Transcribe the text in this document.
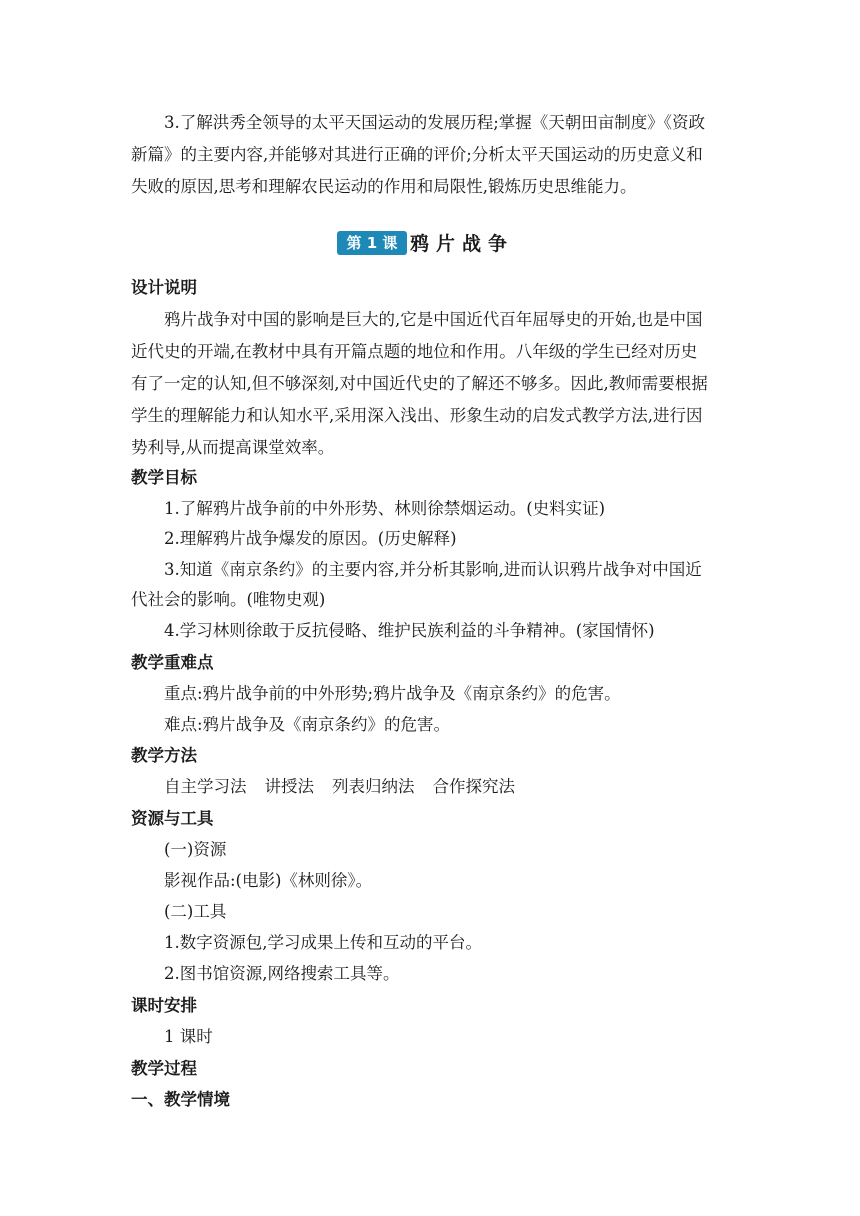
3.了解洪秀全领导的太平天国运动的发展历程;掌握《天朝田亩制度》《资政
新篇》的主要内容,并能够对其进行正确的评价;分析太平天国运动的历史意义和
失败的原因,思考和理解农民运动的作用和局限性,锻炼历史思维能力。
第 1 课 鸦片战争
设计说明
鸦片战争对中国的影响是巨大的,它是中国近代百年屈辱史的开始,也是中国
近代史的开端,在教材中具有开篇点题的地位和作用。八年级的学生已经对历史
有了一定的认知,但不够深刻,对中国近代史的了解还不够多。因此,教师需要根据
学生的理解能力和认知水平,采用深入浅出、形象生动的启发式教学方法,进行因
势利导,从而提高课堂效率。
教学目标
1.了解鸦片战争前的中外形势、林则徐禁烟运动。(史料实证)
2.理解鸦片战争爆发的原因。(历史解释)
3.知道《南京条约》的主要内容,并分析其影响,进而认识鸦片战争对中国近
代社会的影响。(唯物史观)
4.学习林则徐敢于反抗侵略、维护民族利益的斗争精神。(家国情怀)
教学重难点
重点:鸦片战争前的中外形势;鸦片战争及《南京条约》的危害。
难点:鸦片战争及《南京条约》的危害。
教学方法
自主学习法 讲授法 列表归纳法 合作探究法
资源与工具
(一)资源
影视作品:(电影)《林则徐》。
(二)工具
1.数字资源包,学习成果上传和互动的平台。
2.图书馆资源,网络搜索工具等。
课时安排
1 课时
教学过程
一、教学情境
